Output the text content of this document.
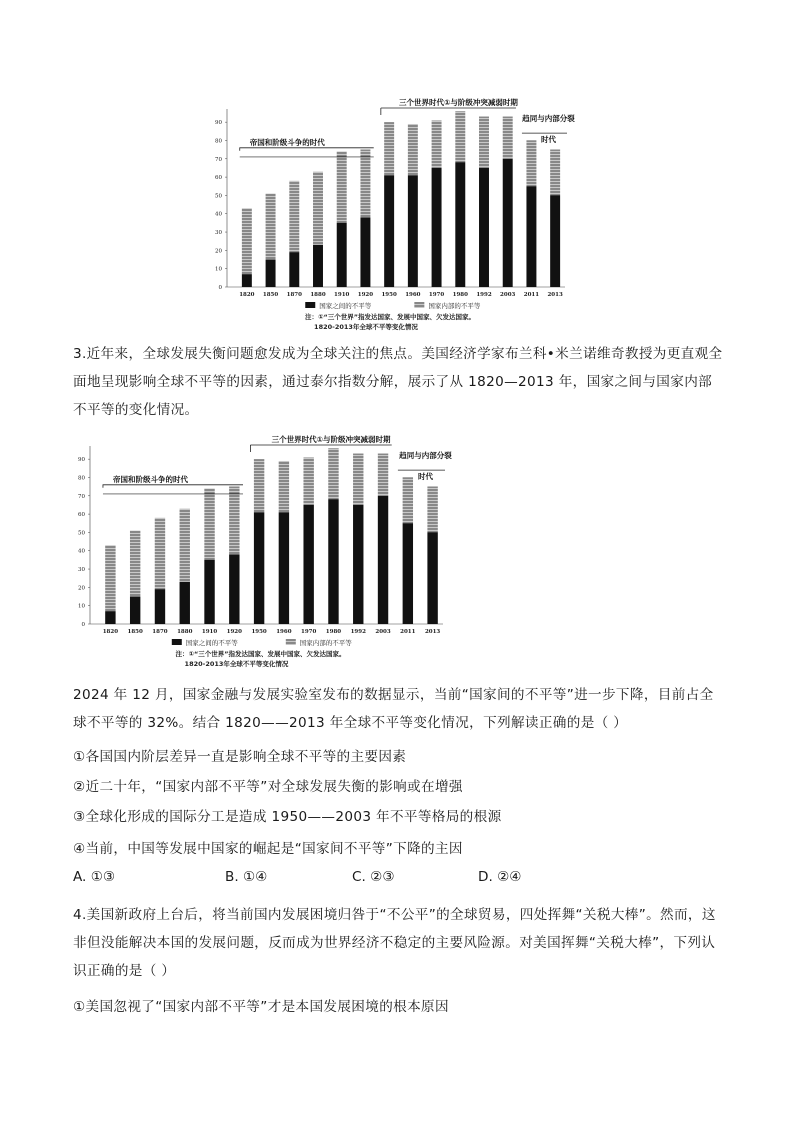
0
10
20
30
40
50
60
70
80
90
1820 1850 1870 1880 1910 1920 1950 1960 1970 1980 1992 2003 2011 2013
帝国和阶级斗争的时代
三个世界时代①与阶级冲突减弱时期
趋同与内部分裂
时代
国家之间的不平等	国家内部的不平等
注：①“三个世界”指发达国家、发展中国家、欠发达国家。
1820-2013年全球不平等变化情况
3.近年来，全球发展失衡问题愈发成为全球关注的焦点。美国经济学家布兰科•米兰诺维奇教授为更直观全面地呈现影响全球不平等的因素，通过泰尔指数分解，展示了从 1820—2013 年，国家之间与国家内部不平等的变化情况。
0
10
20
30
40
50
60
70
80
90
1820 1850 1870 1880 1910 1920 1950 1960 1970 1980 1992 2003 2011 2013
帝国和阶级斗争的时代
三个世界时代①与阶级冲突减弱时期
趋同与内部分裂
时代
国家之间的不平等	国家内部的不平等
注：①“三个世界”指发达国家、发展中国家、欠发达国家。
1820-2013年全球不平等变化情况
2024 年 12 月，国家金融与发展实验室发布的数据显示，当前“国家间的不平等”进一步下降，目前占全球不平等的 32%。结合 1820——2013 年全球不平等变化情况，下列解读正确的是（ ）
①各国国内阶层差异一直是影响全球不平等的主要因素
②近二十年，“国家内部不平等”对全球发展失衡的影响或在增强
③全球化形成的国际分工是造成 1950——2003 年不平等格局的根源
④当前，中国等发展中国家的崛起是“国家间不平等”下降的主因
A. ①③	B. ①④	C. ②③	D. ②④
4.美国新政府上台后，将当前国内发展困境归咎于“不公平”的全球贸易，四处挥舞“关税大棒”。然而，这非但没能解决本国的发展问题，反而成为世界经济不稳定的主要风险源。对美国挥舞“关税大棒”，下列认识正确的是（ ）
①美国忽视了“国家内部不平等”才是本国发展困境的根本原因
